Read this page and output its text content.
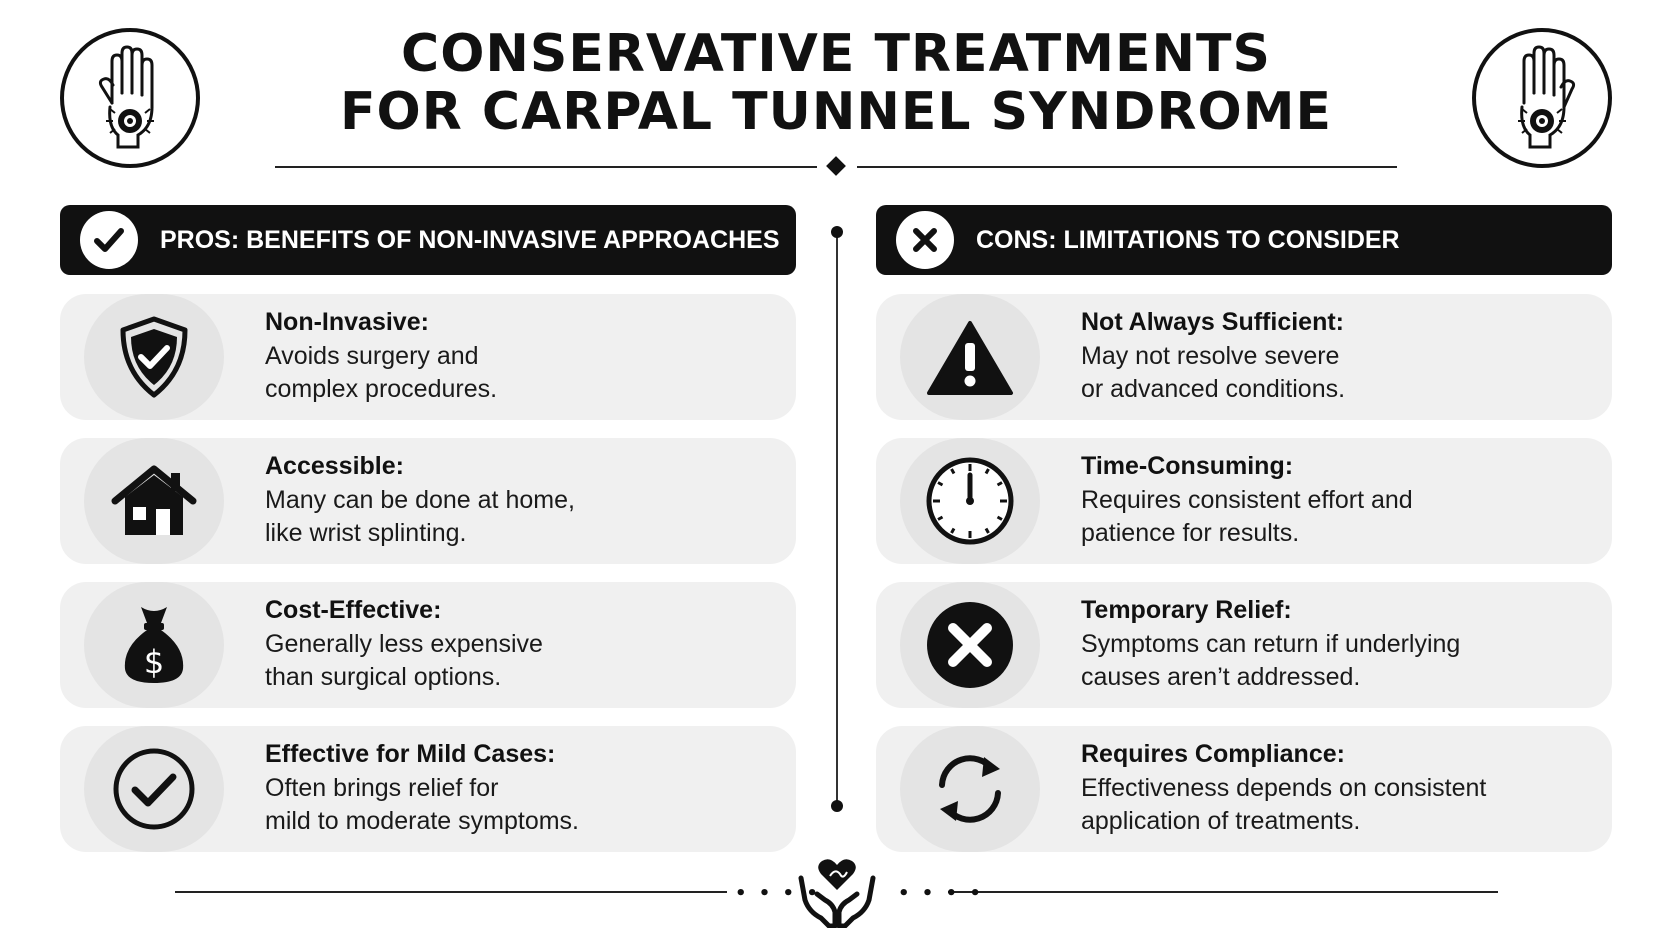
CONSERVATIVE TREATMENTS
FOR CARPAL TUNNEL SYNDROME
PROS: BENEFITS OF NON-INVASIVE APPROACHES	CONS: LIMITATIONS TO CONSIDER
Non-Invasive:
Avoids surgery and
complex procedures.
Accessible:
Many can be done at home,
like wrist splinting.
$
Cost-Effective:
Generally less expensive
than surgical options.
Effective for Mild Cases:
Often brings relief for
mild to moderate symptoms.
Not Always Sufficient:
May not resolve severe
or advanced conditions.
Time-Consuming:
Requires consistent effort and
patience for results.
Temporary Relief:
Symptoms can return if underlying
causes aren’t addressed.
Requires Compliance:
Effectiveness depends on consistent
application of treatments.
• • • •	• • • •
